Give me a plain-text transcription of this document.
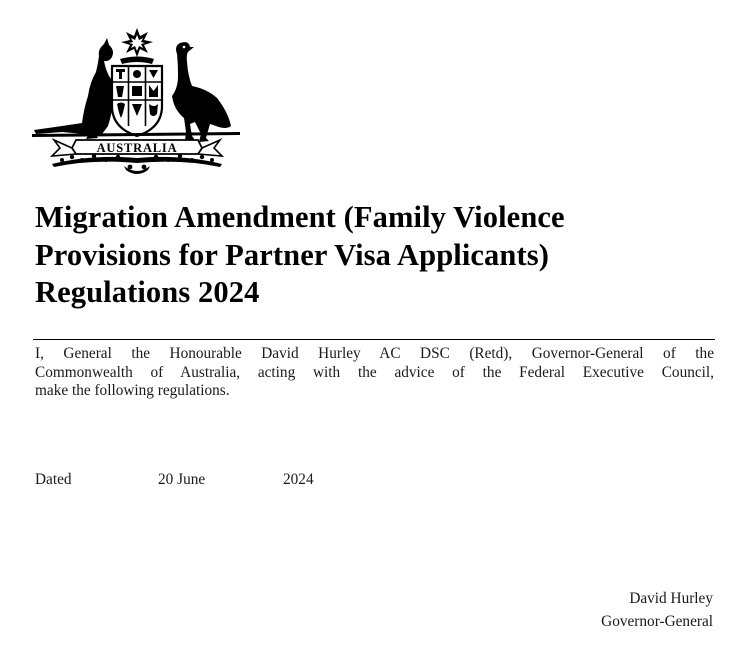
AUSTRALIA
Migration Amendment (Family Violence
Provisions for Partner Visa Applicants)
Regulations 2024

I, General the Honourable David Hurley AC DSC (Retd), Governor-General of the
Commonwealth of Australia, acting with the advice of the Federal Executive Council,
make the following regulations.

Dated	20 June	2024
David Hurley
Governor-General
